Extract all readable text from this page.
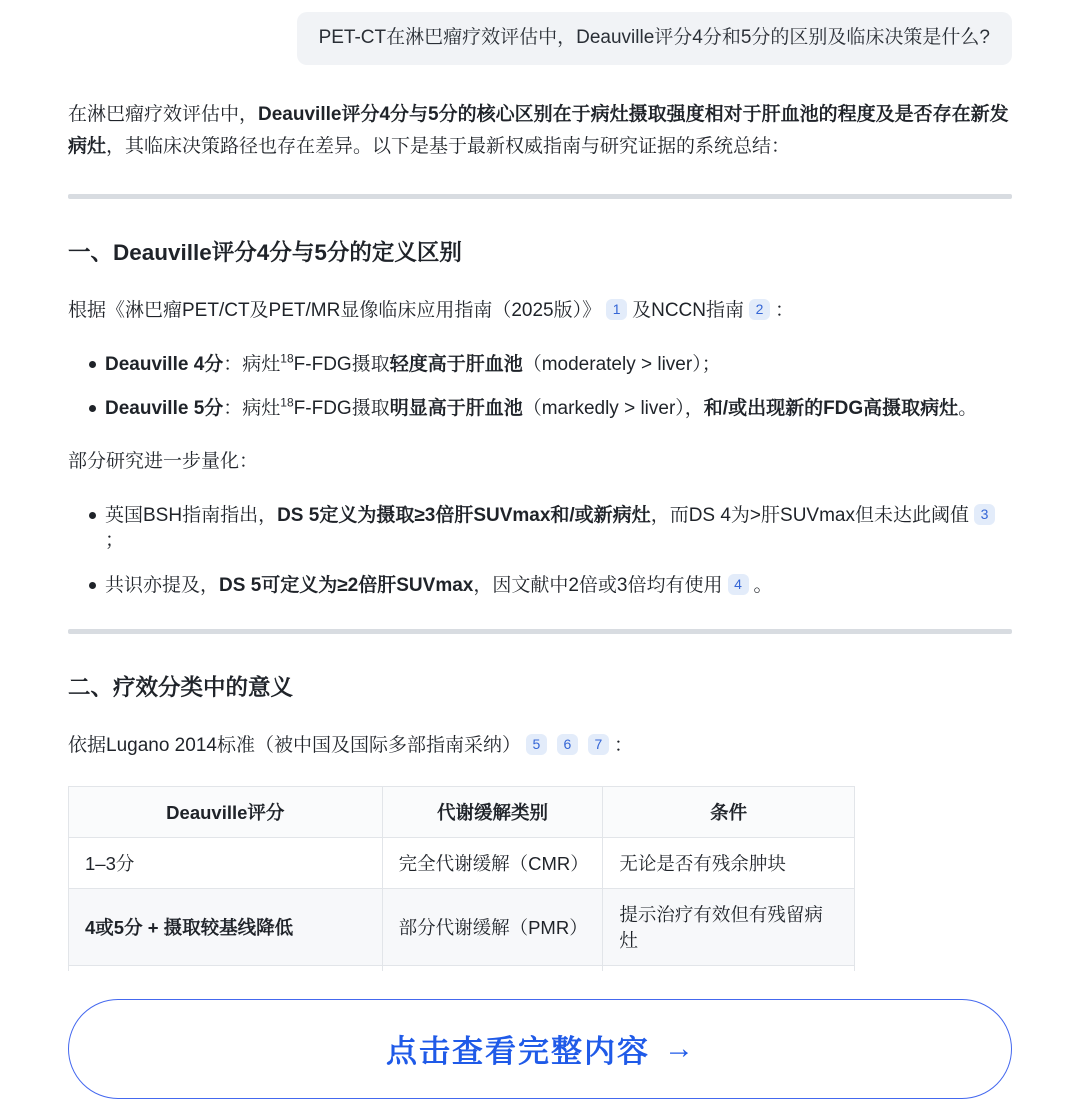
PET-CT在淋巴瘤疗效评估中，Deauville评分4分和5分的区别及临床决策是什么?

在淋巴瘤疗效评估中，Deauville评分4分与5分的核心区别在于病灶摄取强度相对于肝血池的程度及是否存在新发病灶，其临床决策路径也存在差异。以下是基于最新权威指南与研究证据的系统总结：

一、Deauville评分4分与5分的定义区别

根据《淋巴瘤PET/CT及PET/MR显像临床应用指南（2025版）》 1 及NCCN指南 2 ：

Deauville 4分：病灶$^{18}$F-FDG摄取轻度高于肝血池（moderately > liver）；
Deauville 5分：病灶$^{18}$F-FDG摄取明显高于肝血池（markedly > liver），和/或出现新的FDG高摄取病灶。

部分研究进一步量化：

英国BSH指南指出，DS 5定义为摄取≥3倍肝SUVmax和/或新病灶，而DS 4为>肝SUVmax但未达此阈值 3；
共识亦提及，DS 5可定义为≥2倍肝SUVmax，因文献中2倍或3倍均有使用 4 。
二、疗效分类中的意义

依据Lugano 2014标准（被中国及国际多部指南采纳） 5 6 7 ：

Deauville评分	代谢缓解类别	条件
1–3分	完全代谢缓解（CMR）	无论是否有残余肿块
4或5分 + 摄取较基线降低	部分代谢缓解（PMR）	提示治疗有效但有残留病灶

点击查看完整内容 →
